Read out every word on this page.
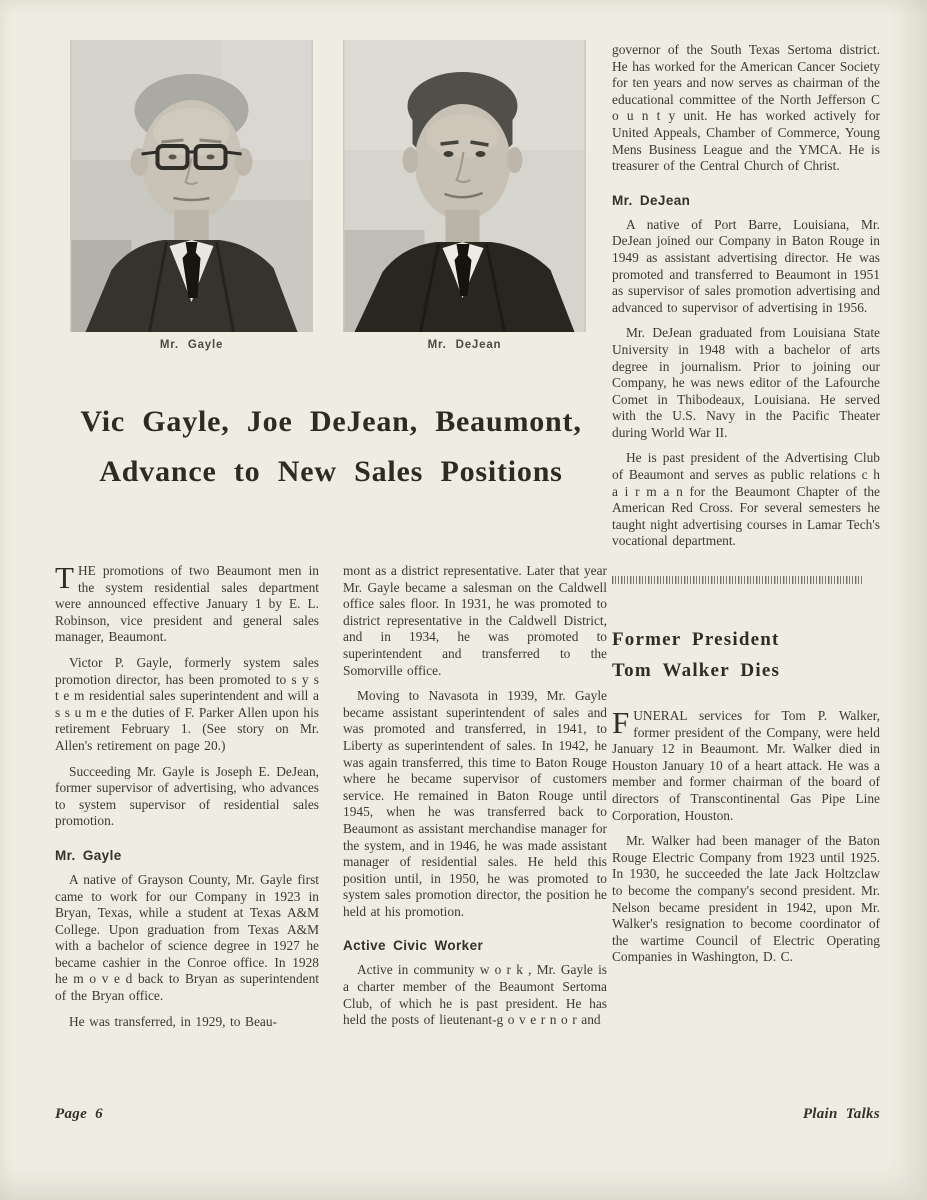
Mr. Gayle	Mr. DeJean
Vic Gayle, Joe DeJean, Beaumont,
Advance to New Sales Positions

THE promotions of two Beaumont men in the system residential sales department were announced effective January 1 by E. L. Robinson, vice president and general sales manager, Beaumont.

Victor P. Gayle, formerly system sales promotion director, has been promoted to s y s t e m residential sales superintendent and will a s s u m e the duties of F. Parker Allen upon his retirement February 1. (See story on Mr. Allen's retirement on page 20.)

Succeeding Mr. Gayle is Joseph E. DeJean, former supervisor of advertising, who advances to system supervisor of residential sales promotion.

Mr. Gayle

A native of Grayson County, Mr. Gayle first came to work for our Company in 1923 in Bryan, Texas, while a student at Texas A&M College. Upon graduation from Texas A&M with a bachelor of science degree in 1927 he became cashier in the Conroe office. In 1928 he m o v e d back to Bryan as superintendent of the Bryan office.

He was transferred, in 1929, to Beau-

mont as a district representative. Later that year Mr. Gayle became a salesman on the Caldwell office sales floor. In 1931, he was promoted to district representative in the Caldwell District, and in 1934, he was promoted to superintendent and transferred to the Somorville office.

Moving to Navasota in 1939, Mr. Gayle became assistant superintendent of sales and was promoted and transferred, in 1941, to Liberty as superintendent of sales. In 1942, he was again transferred, this time to Baton Rouge where he became supervisor of customers service. He remained in Baton Rouge until 1945, when he was transferred back to Beaumont as assistant merchandise manager for the system, and in 1946, he was made assistant manager of residential sales. He held this position until, in 1950, he was promoted to system sales promotion director, the position he held at his promotion.

Active Civic Worker

Active in community w o r k , Mr. Gayle is a charter member of the Beaumont Sertoma Club, of which he is past president. He has held the posts of lieutenant-g o v e r n o r and

governor of the South Texas Sertoma district. He has worked for the American Cancer Society for ten years and now serves as chairman of the educational committee of the North Jefferson C o u n t y unit. He has worked actively for United Appeals, Chamber of Commerce, Young Mens Business League and the YMCA. He is treasurer of the Central Church of Christ.

Mr. DeJean

A native of Port Barre, Louisiana, Mr. DeJean joined our Company in Baton Rouge in 1949 as assistant advertising director. He was promoted and transferred to Beaumont in 1951 as supervisor of sales promotion advertising and advanced to supervisor of advertising in 1956.

Mr. DeJean graduated from Louisiana State University in 1948 with a bachelor of arts degree in journalism. Prior to joining our Company, he was news editor of the Lafourche Comet in Thibodeaux, Louisiana. He served with the U.S. Navy in the Pacific Theater during World War II.

He is past president of the Advertising Club of Beaumont and serves as public relations c h a i r m a n for the Beaumont Chapter of the American Red Cross. For several semesters he taught night advertising courses in Lamar Tech's vocational department.

Former President
Tom Walker Dies

FUNERAL services for Tom P. Walker, former president of the Company, were held January 12 in Beaumont. Mr. Walker died in Houston January 10 of a heart attack. He was a member and former chairman of the board of directors of Transcontinental Gas Pipe Line Corporation, Houston.

Mr. Walker had been manager of the Baton Rouge Electric Company from 1923 until 1925. In 1930, he succeeded the late Jack Holtzclaw to become the company's second president. Mr. Nelson became president in 1942, upon Mr. Walker's resignation to become coordinator of the wartime Council of Electric Operating Companies in Washington, D. C.

Page 6	Plain Talks
